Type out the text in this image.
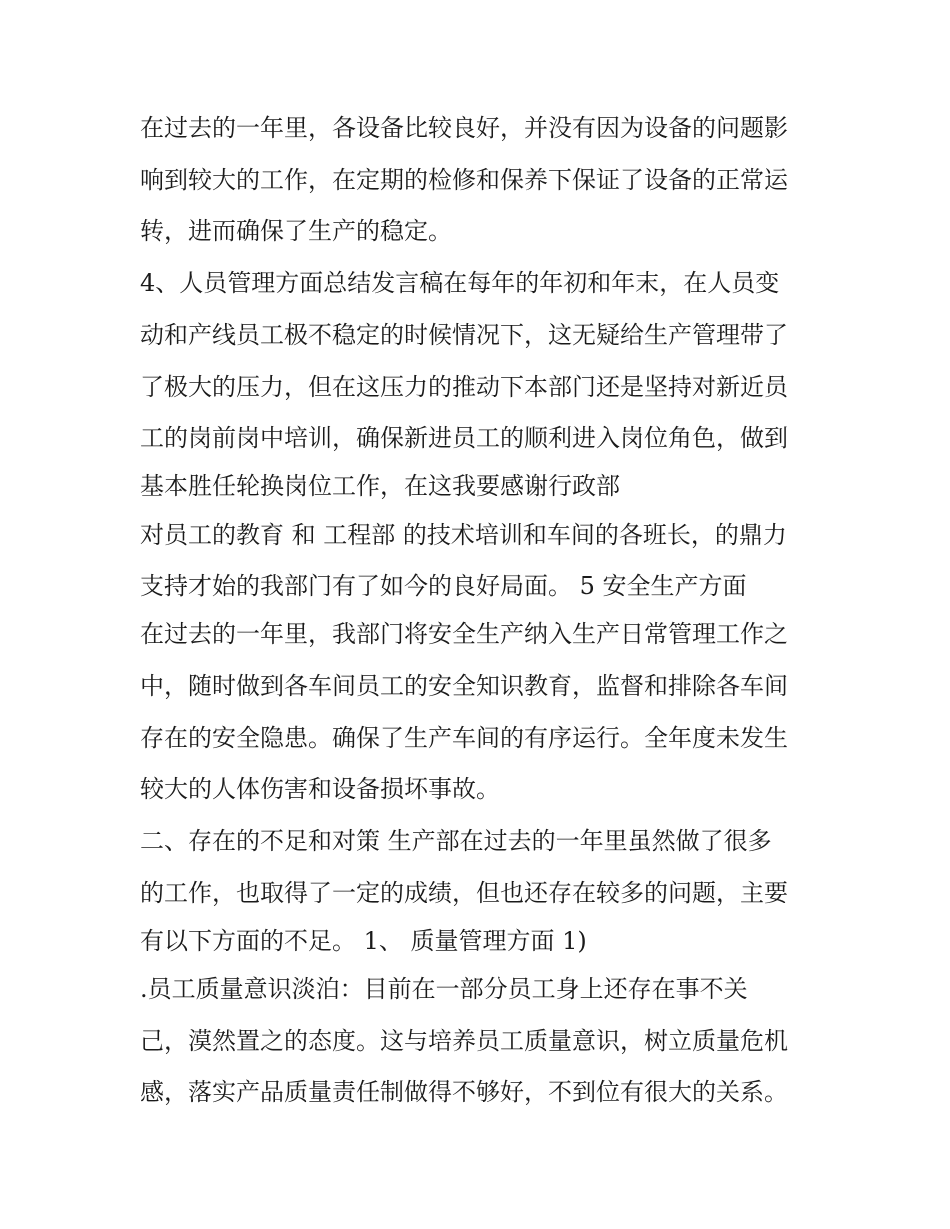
在过去的一年里，各设备比较良好，并没有因为设备的问题影
响到较大的工作，在定期的检修和保养下保证了设备的正常运
转，进而确保了生产的稳定。
4、人员管理方面总结发言稿在每年的年初和年末，在人员变
动和产线员工极不稳定的时候情况下，这无疑给生产管理带了
了极大的压力，但在这压力的推动下本部门还是坚持对新近员
工的岗前岗中培训，确保新进员工的顺利进入岗位角色，做到
基本胜任轮换岗位工作，在这我要感谢行政部
对员工的教育 和 工程部 的技术培训和车间的各班长，的鼎力
支持才始的我部门有了如今的良好局面。 5 安全生产方面
在过去的一年里，我部门将安全生产纳入生产日常管理工作之
中，随时做到各车间员工的安全知识教育，监督和排除各车间
存在的安全隐患。确保了生产车间的有序运行。全年度未发生
较大的人体伤害和设备损坏事故。
二、存在的不足和对策 生产部在过去的一年里虽然做了很多
的工作，也取得了一定的成绩，但也还存在较多的问题，主要
有以下方面的不足。 1、 质量管理方面 1)
.员工质量意识淡泊：目前在一部分员工身上还存在事不关
己，漠然置之的态度。这与培养员工质量意识，树立质量危机
感，落实产品质量责任制做得不够好，不到位有很大的关系。
